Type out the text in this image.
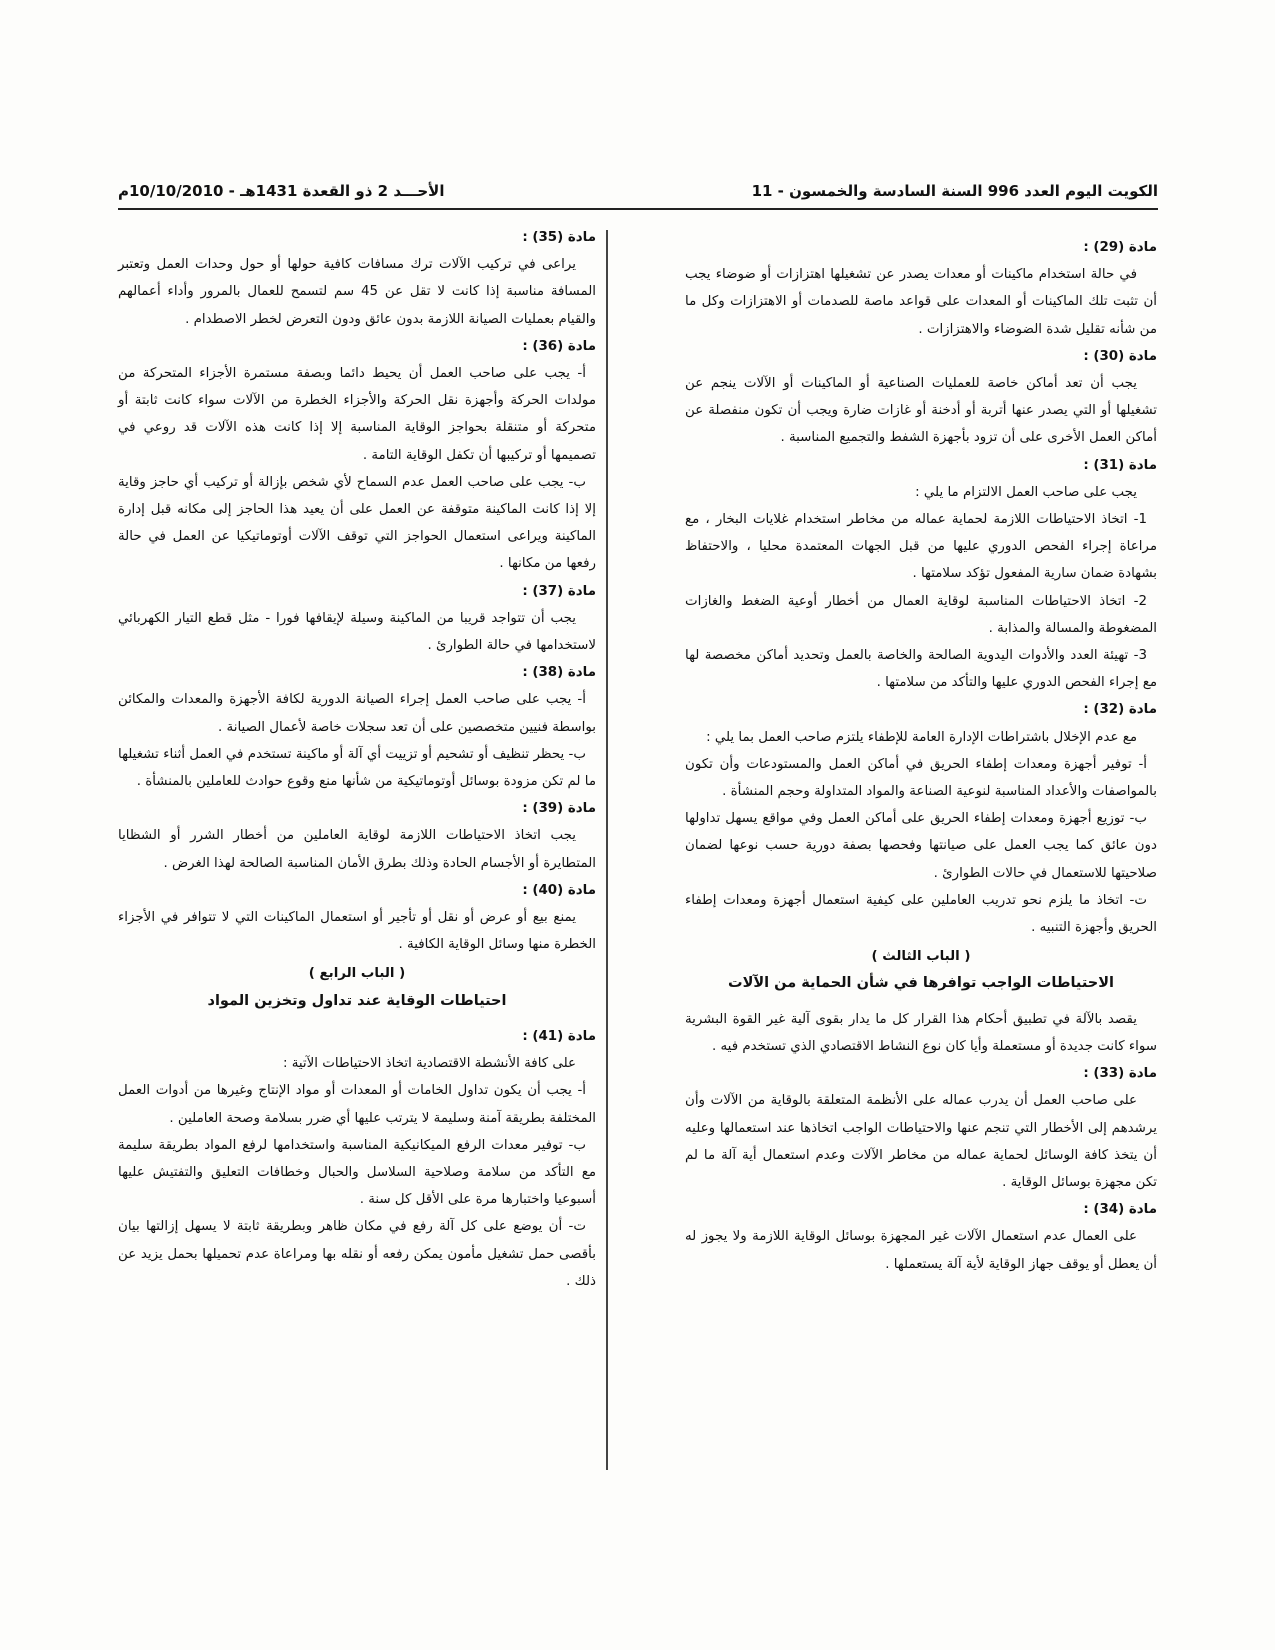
الكويت اليوم العدد 996 السنة السادسة والخمسون - 11
الأحـــد 2 ذو القعدة 1431هـ - 10/10/2010م

مادة (29) :

في حالة استخدام ماكينات أو معدات يصدر عن تشغيلها اهتزازات أو ضوضاء يجب أن تثبت تلك الماكينات أو المعدات على قواعد ماصة للصدمات أو الاهتزازات وكل ما من شأنه تقليل شدة الضوضاء والاهتزازات .

مادة (30) :

يجب أن تعد أماكن خاصة للعمليات الصناعية أو الماكينات أو الآلات ينجم عن تشغيلها أو التي يصدر عنها أتربة أو أدخنة أو غازات ضارة ويجب أن تكون منفصلة عن أماكن العمل الأخرى على أن تزود بأجهزة الشفط والتجميع المناسبة .

مادة (31) :

يجب على صاحب العمل الالتزام ما يلي :

1- اتخاذ الاحتياطات اللازمة لحماية عماله من مخاطر استخدام غلايات البخار ، مع مراعاة إجراء الفحص الدوري عليها من قبل الجهات المعتمدة محليا ، والاحتفاظ بشهادة ضمان سارية المفعول تؤكد سلامتها .

2- اتخاذ الاحتياطات المناسبة لوقاية العمال من أخطار أوعية الضغط والغازات المضغوطة والمسالة والمذابة .

3- تهيئة العدد والأدوات اليدوية الصالحة والخاصة بالعمل وتحديد أماكن مخصصة لها مع إجراء الفحص الدوري عليها والتأكد من سلامتها .

مادة (32) :

مع عدم الإخلال باشتراطات الإدارة العامة للإطفاء يلتزم صاحب العمل بما يلي :

أ- توفير أجهزة ومعدات إطفاء الحريق في أماكن العمل والمستودعات وأن تكون بالمواصفات والأعداد المناسبة لنوعية الصناعة والمواد المتداولة وحجم المنشأة .

ب- توزيع أجهزة ومعدات إطفاء الحريق على أماكن العمل وفي مواقع يسهل تداولها دون عائق كما يجب العمل على صيانتها وفحصها بصفة دورية حسب نوعها لضمان صلاحيتها للاستعمال في حالات الطوارئ .

ت- اتخاذ ما يلزم نحو تدريب العاملين على كيفية استعمال أجهزة ومعدات إطفاء الحريق وأجهزة التنبيه .

( الباب الثالث )

الاحتياطات الواجب توافرها في شأن الحماية من الآلات

يقصد بالآلة في تطبيق أحكام هذا القرار كل ما يدار بقوى آلية غير القوة البشرية سواء كانت جديدة أو مستعملة وأيا كان نوع النشاط الاقتصادي الذي تستخدم فيه .

مادة (33) :

على صاحب العمل أن يدرب عماله على الأنظمة المتعلقة بالوقاية من الآلات وأن يرشدهم إلى الأخطار التي تنجم عنها والاحتياطات الواجب اتخاذها عند استعمالها وعليه أن يتخذ كافة الوسائل لحماية عماله من مخاطر الآلات وعدم استعمال أية آلة ما لم تكن مجهزة بوسائل الوقاية .

مادة (34) :

على العمال عدم استعمال الآلات غير المجهزة بوسائل الوقاية اللازمة ولا يجوز له أن يعطل أو يوقف جهاز الوقاية لأية آلة يستعملها .

مادة (35) :

يراعى في تركيب الآلات ترك مسافات كافية حولها أو حول وحدات العمل وتعتبر المسافة مناسبة إذا كانت لا تقل عن 45 سم لتسمح للعمال بالمرور وأداء أعمالهم والقيام بعمليات الصيانة اللازمة بدون عائق ودون التعرض لخطر الاصطدام .

مادة (36) :

أ- يجب على صاحب العمل أن يحيط دائما وبصفة مستمرة الأجزاء المتحركة من مولدات الحركة وأجهزة نقل الحركة والأجزاء الخطرة من الآلات سواء كانت ثابتة أو متحركة أو متنقلة بحواجز الوقاية المناسبة إلا إذا كانت هذه الآلات قد روعي في تصميمها أو تركيبها أن تكفل الوقاية التامة .

ب- يجب على صاحب العمل عدم السماح لأي شخص بإزالة أو تركيب أي حاجز وقاية إلا إذا كانت الماكينة متوقفة عن العمل على أن يعيد هذا الحاجز إلى مكانه قبل إدارة الماكينة ويراعى استعمال الحواجز التي توقف الآلات أوتوماتيكيا عن العمل في حالة رفعها من مكانها .

مادة (37) :

يجب أن تتواجد قريبا من الماكينة وسيلة لإيقافها فورا - مثل قطع التيار الكهربائي لاستخدامها في حالة الطوارئ .

مادة (38) :

أ- يجب على صاحب العمل إجراء الصيانة الدورية لكافة الأجهزة والمعدات والمكائن بواسطة فنيين متخصصين على أن تعد سجلات خاصة لأعمال الصيانة .

ب- يحظر تنظيف أو تشحيم أو تزييت أي آلة أو ماكينة تستخدم في العمل أثناء تشغيلها ما لم تكن مزودة بوسائل أوتوماتيكية من شأنها منع وقوع حوادث للعاملين بالمنشأة .

مادة (39) :

يجب اتخاذ الاحتياطات اللازمة لوقاية العاملين من أخطار الشرر أو الشظايا المتطايرة أو الأجسام الحادة وذلك بطرق الأمان المناسبة الصالحة لهذا الغرض .

مادة (40) :

يمنع بيع أو عرض أو نقل أو تأجير أو استعمال الماكينات التي لا تتوافر في الأجزاء الخطرة منها وسائل الوقاية الكافية .

( الباب الرابع )

احتياطات الوقاية عند تداول وتخزين المواد

مادة (41) :

على كافة الأنشطة الاقتصادية اتخاذ الاحتياطات الآتية :

أ- يجب أن يكون تداول الخامات أو المعدات أو مواد الإنتاج وغيرها من أدوات العمل المختلفة بطريقة آمنة وسليمة لا يترتب عليها أي ضرر بسلامة وصحة العاملين .

ب- توفير معدات الرفع الميكانيكية المناسبة واستخدامها لرفع المواد بطريقة سليمة مع التأكد من سلامة وصلاحية السلاسل والحبال وخطافات التعليق والتفتيش عليها أسبوعيا واختبارها مرة على الأقل كل سنة .

ت- أن يوضع على كل آلة رفع في مكان ظاهر وبطريقة ثابتة لا يسهل إزالتها بيان بأقصى حمل تشغيل مأمون يمكن رفعه أو نقله بها ومراعاة عدم تحميلها بحمل يزيد عن ذلك .
